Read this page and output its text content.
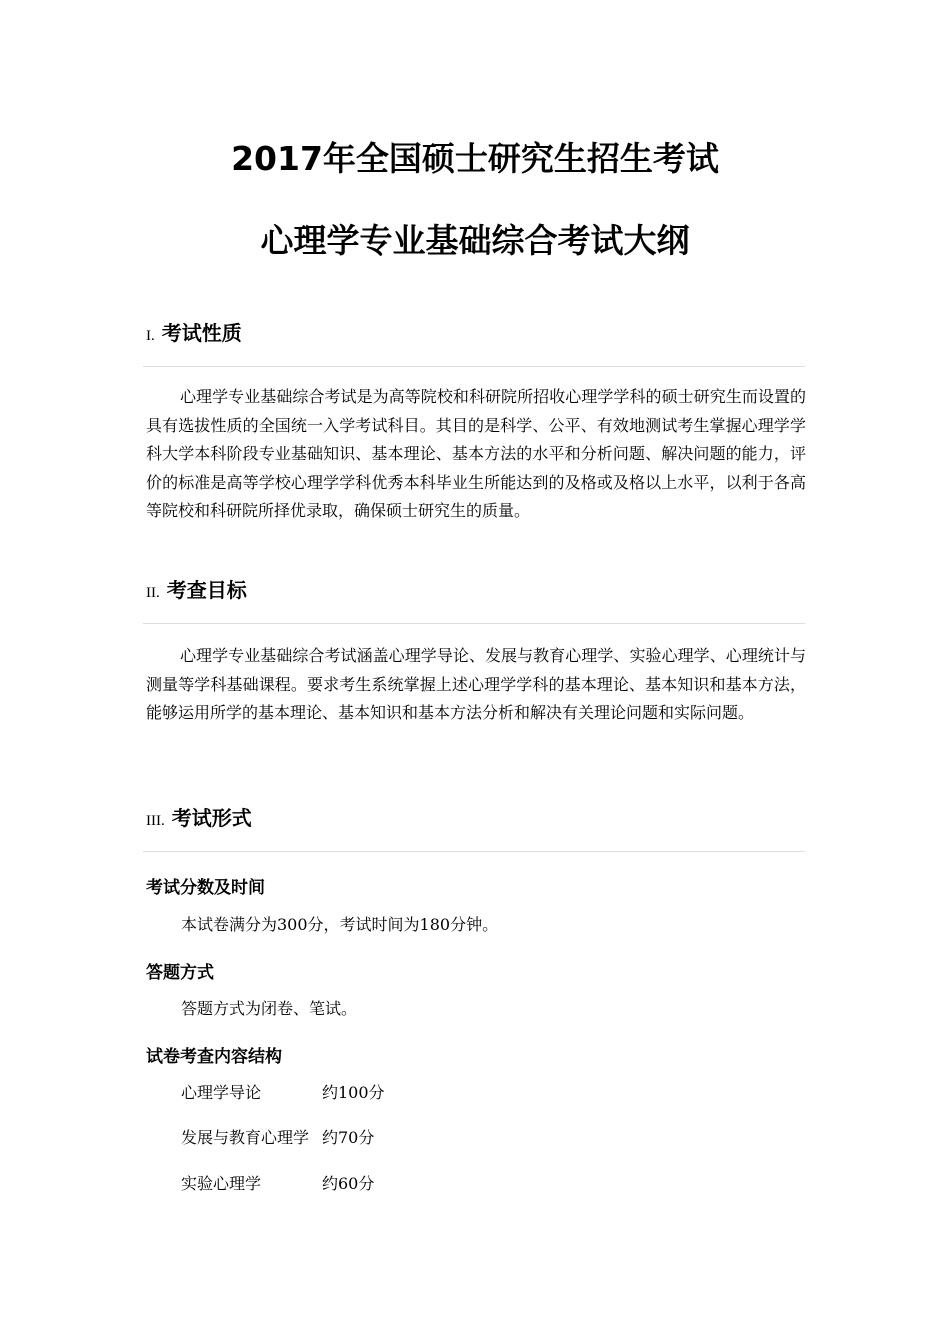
2017年全国硕士研究生招生考试
心理学专业基础综合考试大纲
I. 考试性质

心理学专业基础综合考试是为高等院校和科研院所招收心理学学科的硕士研究生而设置的具有选拔性质的全国统一入学考试科目。其目的是科学、公平、有效地测试考生掌握心理学学科大学本科阶段专业基础知识、基本理论、基本方法的水平和分析问题、解决问题的能力，评价的标准是高等学校心理学学科优秀本科毕业生所能达到的及格或及格以上水平，以利于各高等院校和科研院所择优录取，确保硕士研究生的质量。

II. 考查目标

心理学专业基础综合考试涵盖心理学导论、发展与教育心理学、实验心理学、心理统计与测量等学科基础课程。要求考生系统掌握上述心理学学科的基本理论、基本知识和基本方法，能够运用所学的基本理论、基本知识和基本方法分析和解决有关理论问题和实际问题。

III. 考试形式
考试分数及时间

本试卷满分为300分，考试时间为180分钟。

答题方式

答题方式为闭卷、笔试。

试卷考查内容结构
心理学导论	约100分
发展与教育心理学 约70分
实验心理学	约60分
